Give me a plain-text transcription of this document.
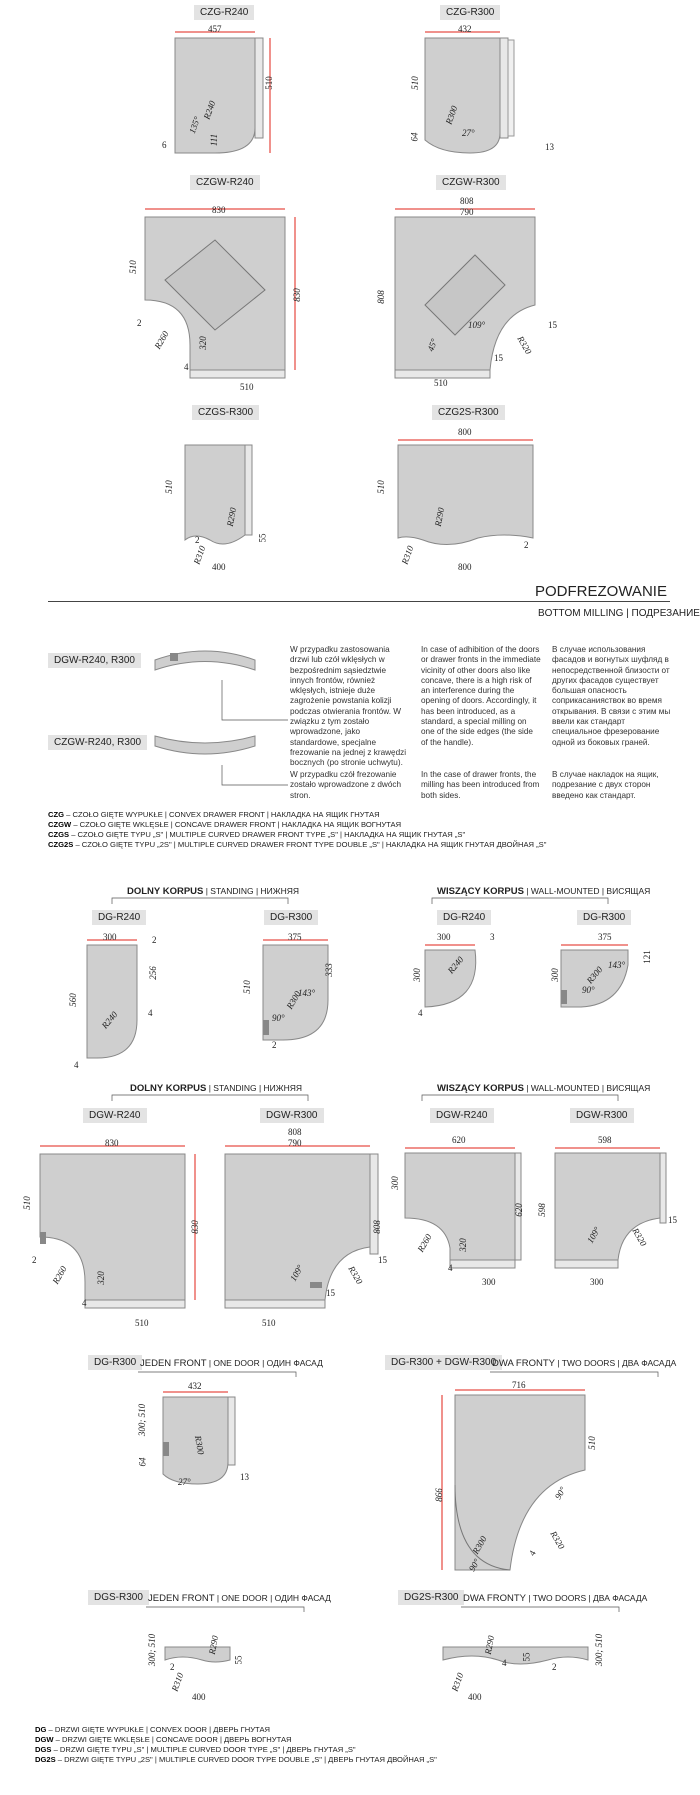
CZG-R240	CZG-R300
457
510
R240
135°
111
6
432
510
R300
27°
64
13
CZGW-R240	CZGW-R300
830
510
830
R260	320
510
4
2
808
790
808
109°
45°	R320
15
510
15
CZGS-R300	CZG2S-R300
510
R290
55
2
R310
400
800
510
R290
R310	2
800
PODFREZOWANIE
BOTTOM MILLING | ПОДРЕЗАНИЕ
DGW-R240, R300
CZGW-R240, R300
W przypadku zastosowania drzwi lub czół wklęsłych w bezpośrednim sąsiedztwie innych frontów, również wklęsłych, istnieje duże zagrożenie powstania kolizji podczas otwierania frontów. W związku z tym zostało wprowadzone, jako standardowe, specjalne frezowanie na jednej z krawędzi bocznych (po stronie uchwytu).
In case of adhibition of the doors or drawer fronts in the immediate vicinity of other doors also like concave, there is a high risk of an interference during the opening of doors. Accordingly, it has been introduced, as a standard, a special milling on one of the side edges (the side of the handle).
В случае использования фасадов и вогнутых шуфляд в непосредственной близости от других фасадов существует большая опасность соприкасанияствок во время открывания. В связи с этим мы ввели как стандарт специальное фрезерование одной из боковых граней.
W przypadku czół frezowanie zostało wprowadzone z dwóch stron.
In the case of drawer fronts, the milling has been introduced from both sides.
В случае накладок на ящик, подрезание с двух сторон введено как стандарт.
CZG – CZOŁO GIĘTE WYPUKŁE | CONVEX DRAWER FRONT | НАКЛАДКА НА ЯЩИК ГНУТАЯ
CZGW – CZOŁO GIĘTE WKLĘSŁE | CONCAVE DRAWER FRONT | НАКЛАДКА НА ЯЩИК ВОГНУТАЯ
CZGS – CZOŁO GIĘTE TYPU „S" | MULTIPLE CURVED DRAWER FRONT TYPE „S" | НАКЛАДКА НА ЯЩИК ГНУТАЯ „S"
CZG2S – CZOŁO GIĘTE TYPU „2S" | MULTIPLE CURVED DRAWER FRONT TYPE DOUBLE „S" | НАКЛАДКА НА ЯЩИК ГНУТАЯ ДВОЙНАЯ „S"
DOLNY KORPUS | STANDING | НИЖНЯЯ	WISZĄCY KORPUS | WALL-MOUNTED | ВИСЯЩАЯ
DG-R240	DG-R300	DG-R240	DG-R300
300	2
256
560
R240	4
4
375
333
510
R300
143°
90°
2
300	3
300	R240
4
375
300	R300 143°
90°
121
DOLNY KORPUS | STANDING | НИЖНЯЯ	WISZĄCY KORPUS | WALL-MOUNTED | ВИСЯЩАЯ
DGW-R240	DGW-R300	DGW-R240	DGW-R300
830
510
830
R260	320
510
2
4
808
790
808
109°	R320
15
510
15
620
300
620
R260	320
300
4
598
598
109°	R320
15
300
DG-R300 JEDEN FRONT | ONE DOOR | ОДИН ФАСАД	DG-R300 + DGW-R300
DWA FRONTY | TWO DOORS | ДВА ФАСАДА
432
300; 510
R300
64
27°	13
716
510
866	90°
R300
90°
4
R320
DGS-R300 JEDEN FRONT | ONE DOOR | ОДИН ФАСАД	DG2S-R300 DWA FRONTY | TWO DOORS | ДВА ФАСАДА
300; 510	R290
55
2
R310
400
300; 510
R290
4
55
2
R310
400
DG – DRZWI GIĘTE WYPUKŁE | CONVEX DOOR | ДВЕРЬ ГНУТАЯ
DGW – DRZWI GIĘTE WKLĘSŁE | CONCAVE DOOR | ДВЕРЬ ВОГНУТАЯ
DGS – DRZWI GIĘTE TYPU „S" | MULTIPLE CURVED DOOR TYPE „S" | ДВЕРЬ ГНУТАЯ „S"
DG2S – DRZWI GIĘTE TYPU „2S" | MULTIPLE CURVED DOOR TYPE DOUBLE „S" | ДВЕРЬ ГНУТАЯ ДВОЙНАЯ „S"
